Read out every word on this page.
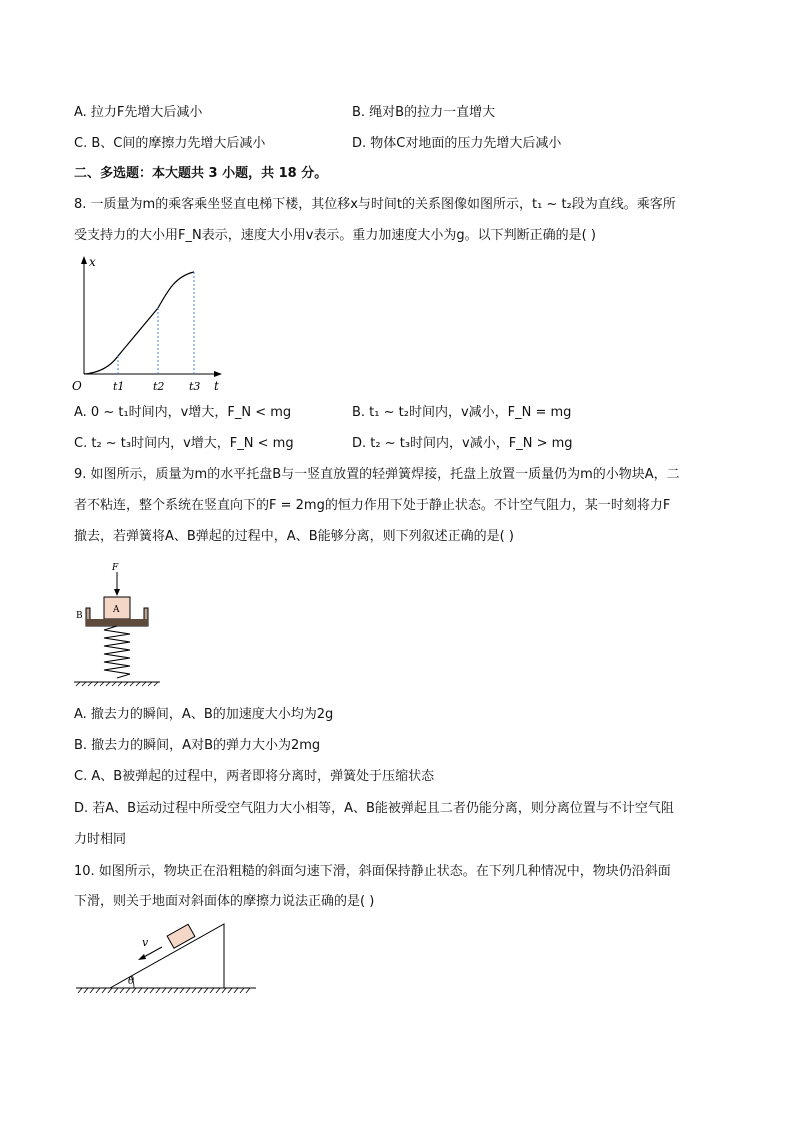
A. 拉力F先增大后减小	B. 绳对B的拉力一直增大
C. B、C间的摩擦力先增大后减小	D. 物体C对地面的压力先增大后减小
二、多选题：本大题共 3 小题，共 18 分。
8. 一质量为m的乘客乘坐竖直电梯下楼，其位移x与时间t的关系图像如图所示，t₁ ~ t₂段为直线。乘客所
受支持力的大小用F_N表示，速度大小用v表示。重力加速度大小为g。以下判断正确的是( )
x
t
O	t1	t2 t3
A. 0 ~ t₁时间内，v增大，F_N < mg	B. t₁ ~ t₂时间内，v减小，F_N = mg
C. t₂ ~ t₃时间内，v增大，F_N < mg	D. t₂ ~ t₃时间内，v减小，F_N > mg
9. 如图所示，质量为m的水平托盘B与一竖直放置的轻弹簧焊接，托盘上放置一质量仍为m的小物块A，二
者不粘连，整个系统在竖直向下的F = 2mg的恒力作用下处于静止状态。不计空气阻力，某一时刻将力F
撤去，若弹簧将A、B弹起的过程中，A、B能够分离，则下列叙述正确的是( )
F
A
B
A. 撤去力的瞬间，A、B的加速度大小均为2g
B. 撤去力的瞬间，A对B的弹力大小为2mg
C. A、B被弹起的过程中，两者即将分离时，弹簧处于压缩状态
D. 若A、B运动过程中所受空气阻力大小相等，A、B能被弹起且二者仍能分离，则分离位置与不计空气阻
力时相同
10. 如图所示，物块正在沿粗糙的斜面匀速下滑，斜面保持静止状态。在下列几种情况中，物块仍沿斜面
下滑，则关于地面对斜面体的摩擦力说法正确的是( )
v
θ
